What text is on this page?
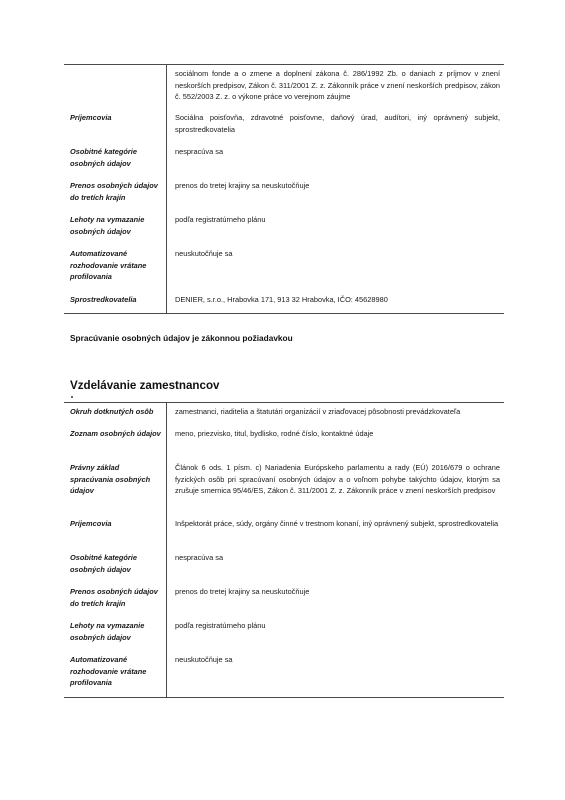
	sociálnom fonde a o zmene a doplnení zákona č. 286/1992 Zb. o daniach z príjmov v znení neskorších predpisov, Zákon č. 311/2001 Z. z. Zákonník práce v znení neskorších predpisov, zákon č. 552/2003 Z. z. o výkone práce vo verejnom záujme
Príjemcovia	Sociálna poisťovňa, zdravotné poisťovne, daňový úrad, audítori, iný oprávnený subjekt, sprostredkovatelia
Osobitné kategórie osobných údajov	nespracúva sa
Prenos osobných údajov do tretích krajín	prenos do tretej krajiny sa neuskutočňuje
Lehoty na vymazanie osobných údajov	podľa registratúrneho plánu
Automatizované rozhodovanie vrátane profilovania	neuskutočňuje sa
Sprostredkovatelia	DENIER, s.r.o., Hrabovka 171, 913 32 Hrabovka, IČO: 45628980
Spracúvanie osobných údajov je zákonnou požiadavkou
Vzdelávanie zamestnancov
Okruh dotknutých osôb	zamestnanci, riaditelia a štatutári organizácií v zriaďovacej pôsobnosti prevádzkovateľa
Zoznam osobných údajov	meno, priezvisko, titul, bydlisko, rodné číslo, kontaktné údaje
Právny základ spracúvania osobných údajov	Článok 6 ods. 1 písm. c) Nariadenia Európskeho parlamentu a rady (EÚ) 2016/679 o ochrane fyzických osôb pri spracúvaní osobných údajov a o voľnom pohybe takýchto údajov, ktorým sa zrušuje smernica 95/46/ES, Zákon č. 311/2001 Z. z. Zákonník práce v znení neskorších predpisov
Príjemcovia	Inšpektorát práce, súdy, orgány činné v trestnom konaní, iný oprávnený subjekt, sprostredkovatelia
Osobitné kategórie osobných údajov	nespracúva sa
Prenos osobných údajov do tretích krajín	prenos do tretej krajiny sa neuskutočňuje
Lehoty na vymazanie osobných údajov	podľa registratúrneho plánu
Automatizované rozhodovanie vrátane profilovania	neuskutočňuje sa
